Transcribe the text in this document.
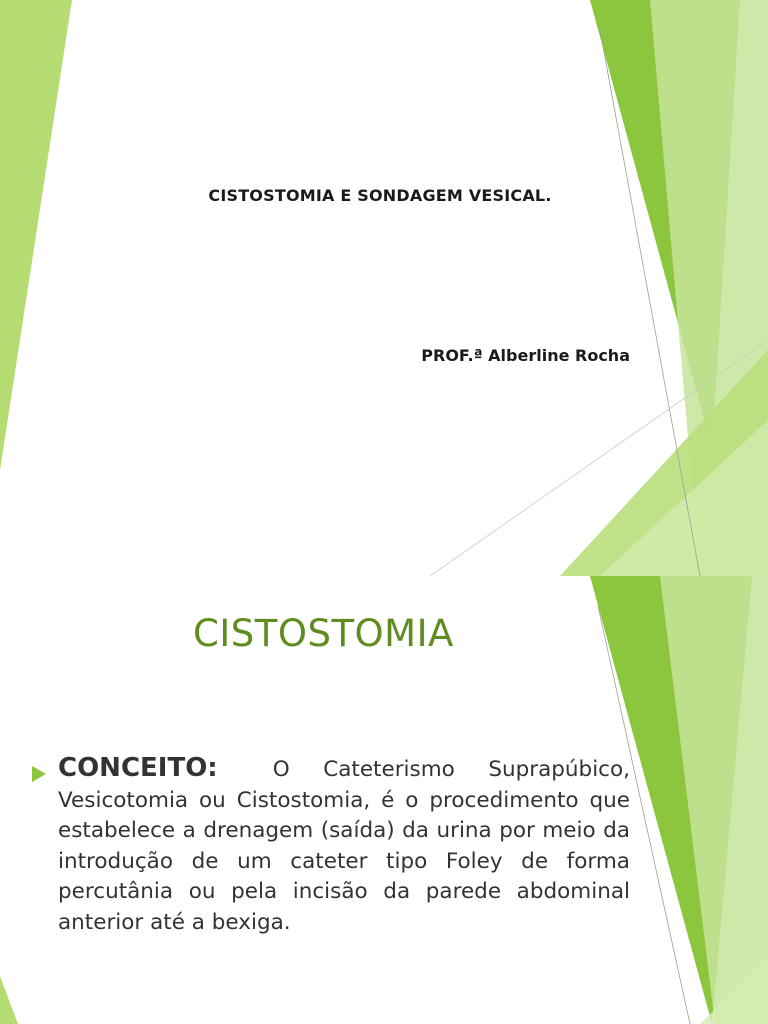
CISTOSTOMIA E SONDAGEM VESICAL.
PROF.ª Alberline Rocha
CISTOSTOMIA
CONCEITO: 	O Cateterismo Suprapúbico, Vesicotomia ou Cistostomia, é o procedimento que estabelece a drenagem (saída) da urina por meio da introdução de um cateter tipo Foley de forma percutânia ou pela incisão da parede abdominal anterior até a bexiga.
